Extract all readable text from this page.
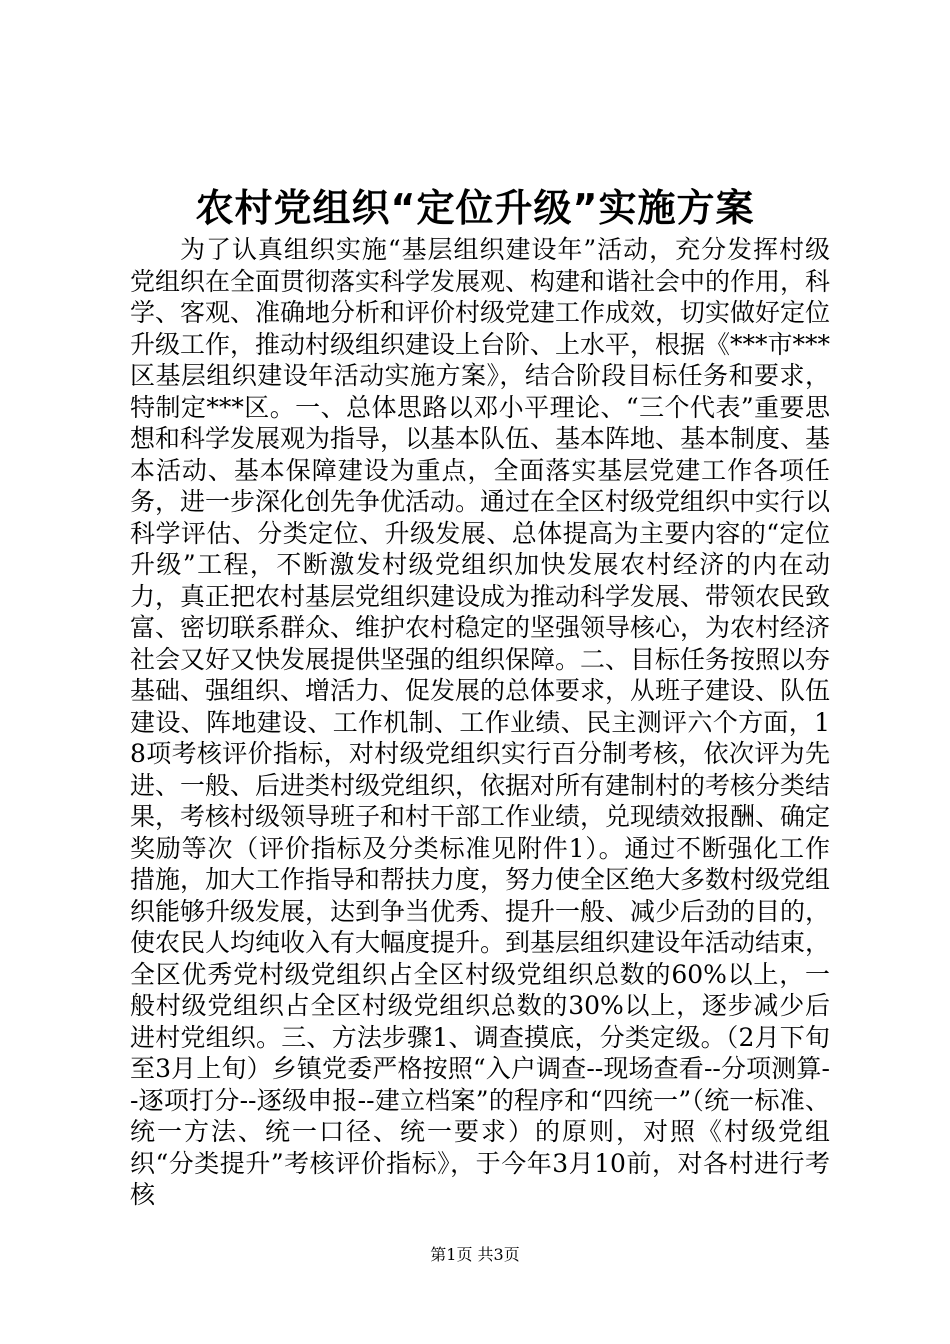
农村党组织“定位升级”实施方案

为了认真组织实施“基层组织建设年”活动，充分发挥村级党组织在全面贯彻落实科学发展观、构建和谐社会中的作用，科学、客观、准确地分析和评价村级党建工作成效，切实做好定位升级工作，推动村级组织建设上台阶、上水平，根据《***市***区基层组织建设年活动实施方案》，结合阶段目标任务和要求，特制定***区。一、总体思路以邓小平理论、“三个代表”重要思想和科学发展观为指导，以基本队伍、基本阵地、基本制度、基本活动、基本保障建设为重点，全面落实基层党建工作各项任务，进一步深化创先争优活动。通过在全区村级党组织中实行以科学评估、分类定位、升级发展、总体提高为主要内容的“定位升级”工程，不断激发村级党组织加快发展农村经济的内在动力，真正把农村基层党组织建设成为推动科学发展、带领农民致富、密切联系群众、维护农村稳定的坚强领导核心，为农村经济社会又好又快发展提供坚强的组织保障。二、目标任务按照以夯基础、强组织、增活力、促发展的总体要求，从班子建设、队伍建设、阵地建设、工作机制、工作业绩、民主测评六个方面，18项考核评价指标，对村级党组织实行百分制考核，依次评为先进、一般、后进类村级党组织，依据对所有建制村的考核分类结果，考核村级领导班子和村干部工作业绩，兑现绩效报酬、确定奖励等次（评价指标及分类标准见附件1）。通过不断强化工作措施，加大工作指导和帮扶力度，努力使全区绝大多数村级党组织能够升级发展，达到争当优秀、提升一般、减少后劲的目的，使农民人均纯收入有大幅度提升。到基层组织建设年活动结束，全区优秀党村级党组织占全区村级党组织总数的60%以上，一般村级党组织占全区村级党组织总数的30%以上，逐步减少后进村党组织。三、方法步骤1、调查摸底，分类定级。（2月下旬至3月上旬）乡镇党委严格按照“入户调查--现场查看--分项测算--逐项打分--逐级申报--建立档案”的程序和“四统一”（统一标准、统一方法、统一口径、统一要求）的原则，对照《村级党组织“分类提升”考核评价指标》，于今年3月10前，对各村进行考核

第1页 共3页
